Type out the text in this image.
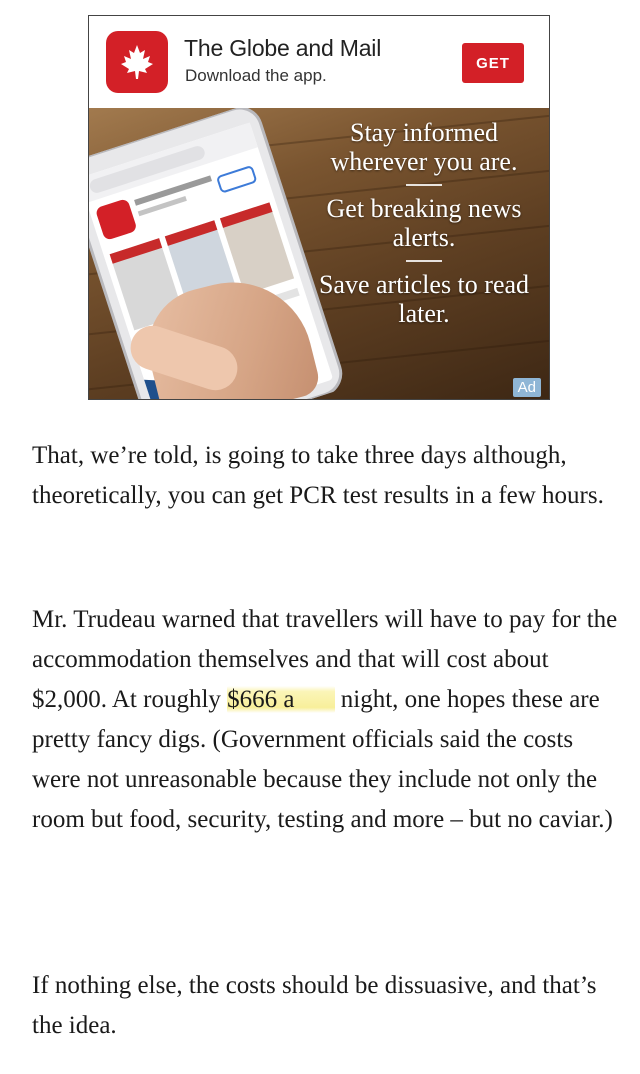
The Globe and Mail
Download the app.
GET
Stay informed wherever you are.
Get breaking news alerts.
Save articles to read later.
Ad

That, we’re told, is going to take three days although, theoretically, you can get PCR test results in a few hours.

Mr. Trudeau warned that travellers will have to pay for the accommodation themselves and that will cost about $2,000. At roughly $666 a night, one hopes these are pretty fancy digs. (Government officials said the costs were not unreasonable because they include not only the room but food, security, testing and more – but no caviar.)

If nothing else, the costs should be dissuasive, and that’s the idea.
